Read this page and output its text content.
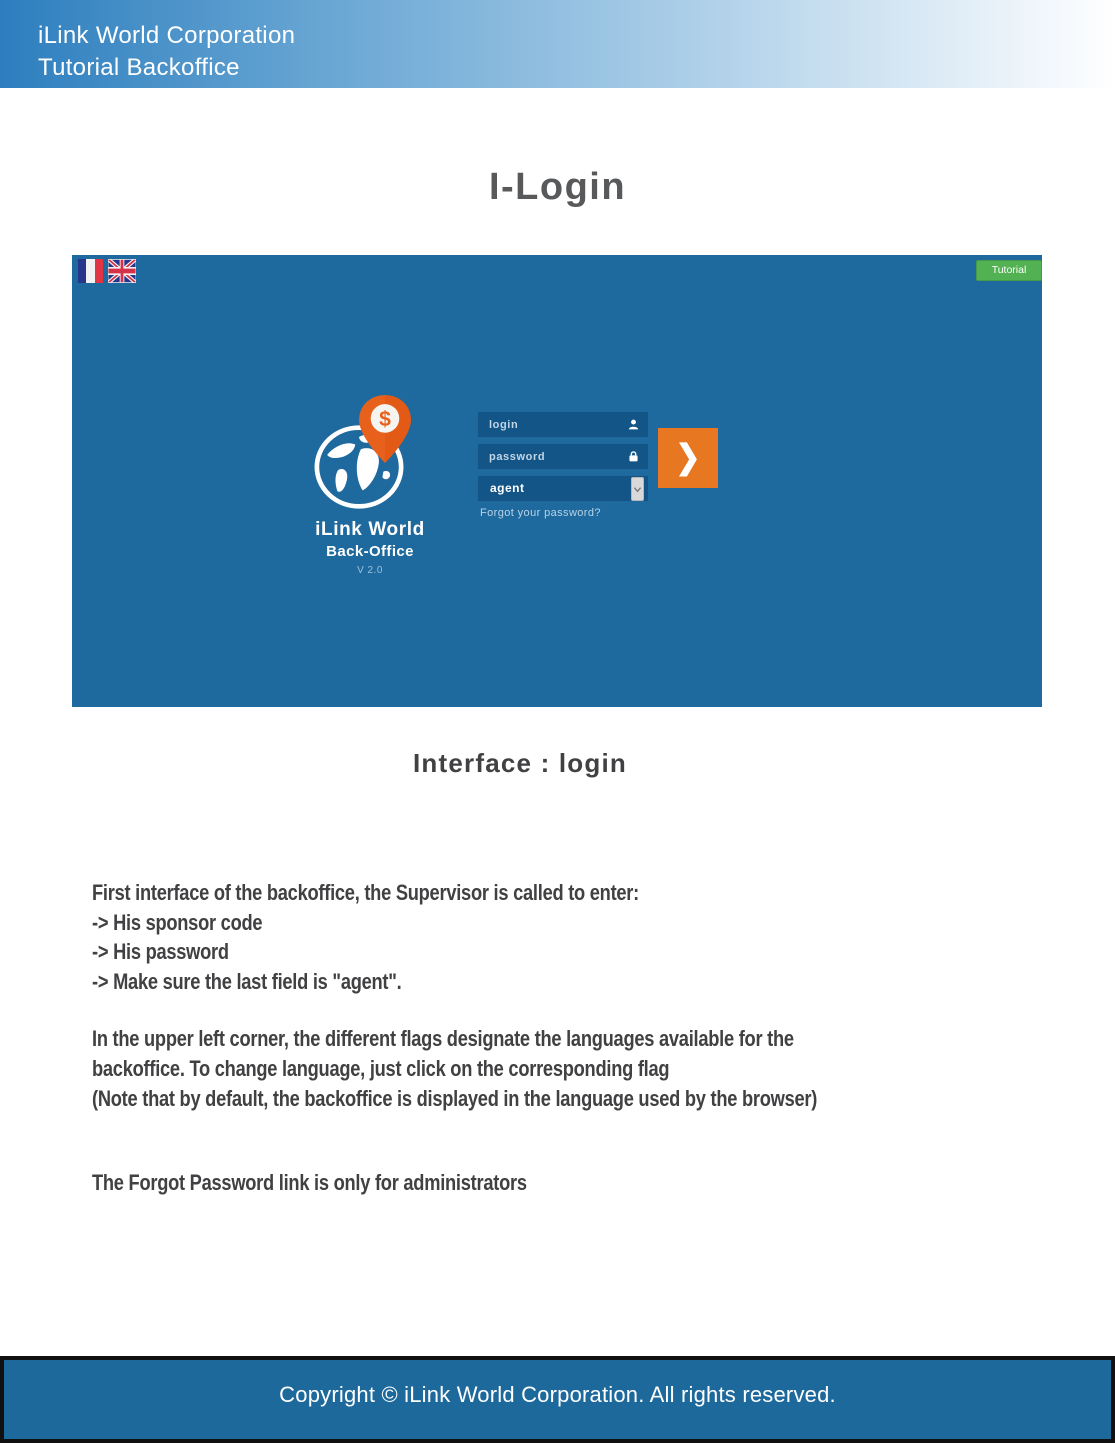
iLink World Corporation
Tutorial Backoffice
I-Login
Tutorial
$
iLink World
Back-Office
V 2.0
login
password
agent
Forgot your password?
❯
Interface : login
First interface of the backoffice, the Supervisor is called to enter:
-> His sponsor code
-> His password
-> Make sure the last field is "agent".
In the upper left corner, the different flags designate the languages available for the
backoffice. To change language, just click on the corresponding flag
(Note that by default, the backoffice is displayed in the language used by the browser)
The Forgot Password link is only for administrators
Copyright © iLink World Corporation. All rights reserved.
